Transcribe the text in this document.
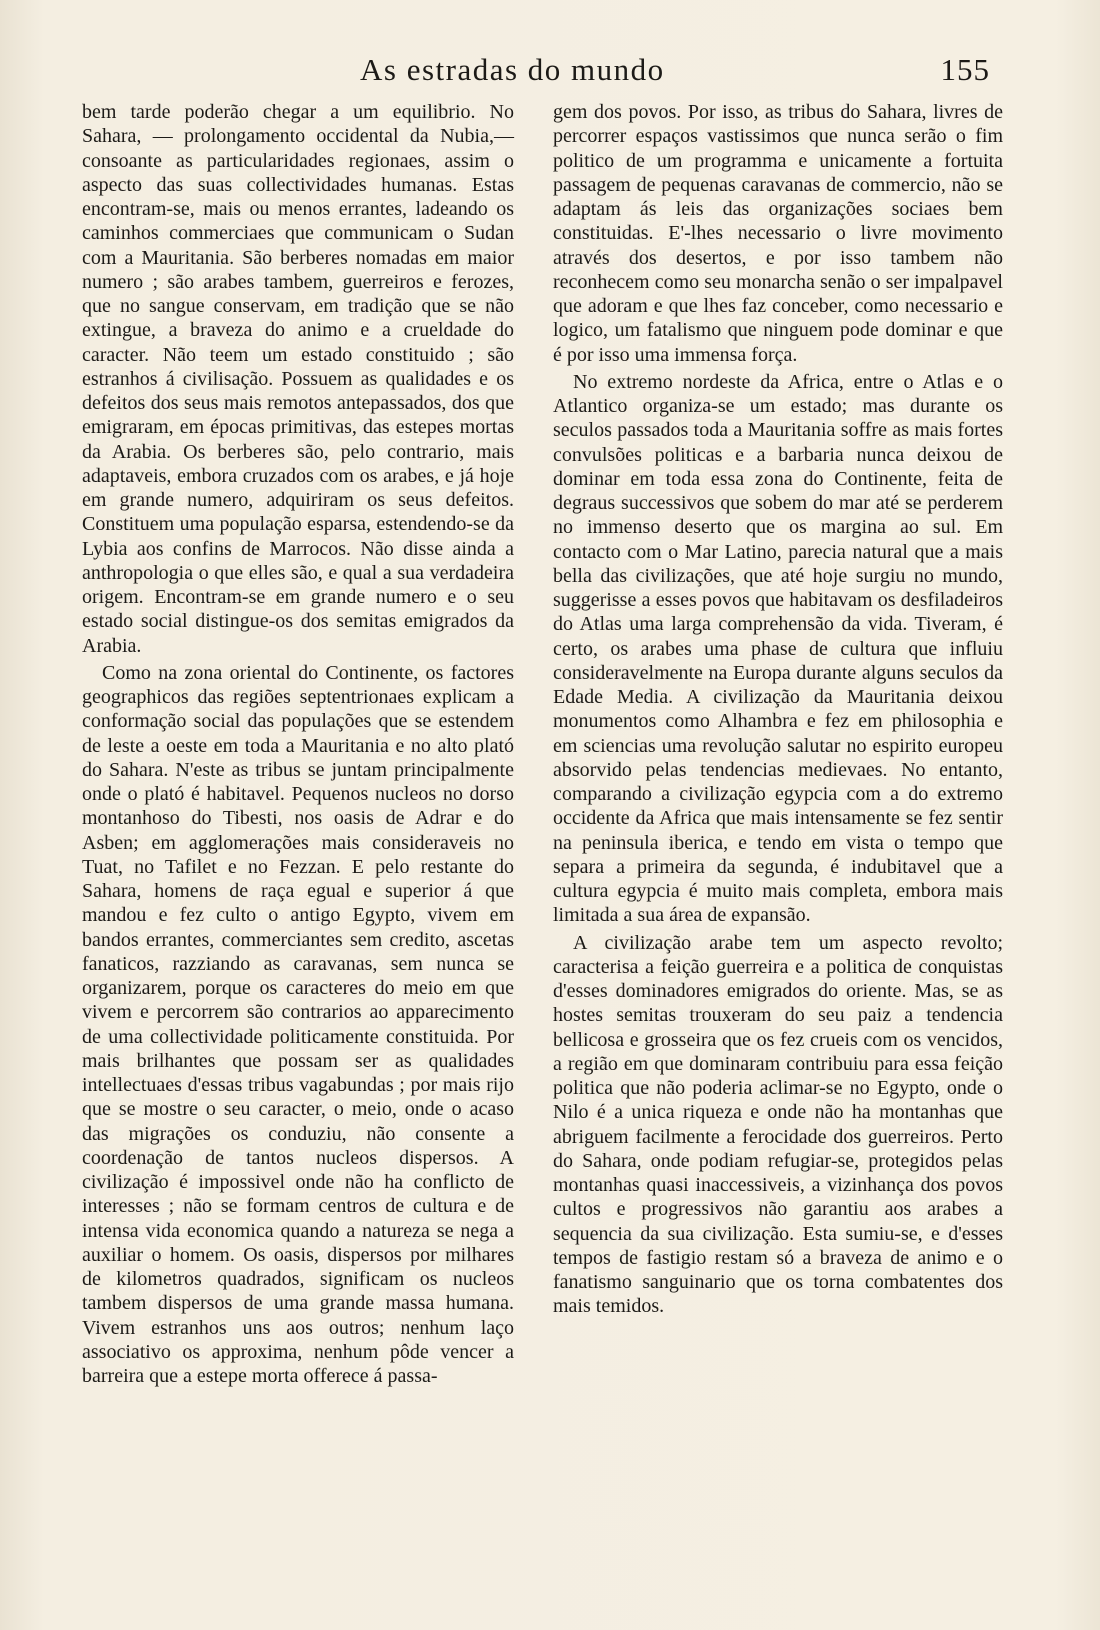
As estradas do mundo	155

bem tarde poderão chegar a um equilibrio. No Sahara, — prolongamento occidental da Nubia,— consoante as particularidades regionaes, assim o aspecto das suas collectividades humanas. Estas encontram-se, mais ou menos errantes, ladeando os caminhos commerciaes que communicam o Sudan com a Mauritania. São berberes nomadas em maior numero ; são arabes tambem, guerreiros e ferozes, que no sangue conservam, em tradição que se não extingue, a braveza do animo e a crueldade do caracter. Não teem um estado constituido ; são estranhos á civilisação. Possuem as qualidades e os defeitos dos seus mais remotos antepassados, dos que emigraram, em épocas primitivas, das estepes mortas da Arabia. Os berberes são, pelo contrario, mais adaptaveis, embora cruzados com os arabes, e já hoje em grande numero, adquiriram os seus defeitos. Constituem uma população esparsa, estendendo-se da Lybia aos confins de Marrocos. Não disse ainda a anthropologia o que elles são, e qual a sua verdadeira origem. Encontram-se em grande numero e o seu estado social distingue-os dos semitas emigrados da Arabia.

Como na zona oriental do Continente, os factores geographicos das regiões septentrionaes explicam a conformação social das populações que se estendem de leste a oeste em toda a Mauritania e no alto plató do Sahara. N'este as tribus se juntam principalmente onde o plató é habitavel. Pequenos nucleos no dorso montanhoso do Tibesti, nos oasis de Adrar e do Asben; em agglomerações mais consideraveis no Tuat, no Tafilet e no Fezzan. E pelo restante do Sahara, homens de raça egual e superior á que mandou e fez culto o antigo Egypto, vivem em bandos errantes, commerciantes sem credito, ascetas fanaticos, razziando as caravanas, sem nunca se organizarem, porque os caracteres do meio em que vivem e percorrem são contrarios ao apparecimento de uma collectividade politicamente constituida. Por mais brilhantes que possam ser as qualidades intellectuaes d'essas tribus vagabundas ; por mais rijo que se mostre o seu caracter, o meio, onde o acaso das migrações os conduziu, não consente a coordenação de tantos nucleos dispersos. A civilização é impossivel onde não ha conflicto de interesses ; não se formam centros de cultura e de intensa vida economica quando a natureza se nega a auxiliar o homem. Os oasis, dispersos por milhares de kilometros quadrados, significam os nucleos tambem dispersos de uma grande massa humana. Vivem estranhos uns aos outros; nenhum laço associativo os approxima, nenhum pôde vencer a barreira que a estepe morta offerece á passa-

gem dos povos. Por isso, as tribus do Sahara, livres de percorrer espaços vastissimos que nunca serão o fim politico de um programma e unicamente a fortuita passagem de pequenas caravanas de commercio, não se adaptam ás leis das organizações sociaes bem constituidas. E'-lhes necessario o livre movimento através dos desertos, e por isso tambem não reconhecem como seu monarcha senão o ser impalpavel que adoram e que lhes faz conceber, como necessario e logico, um fatalismo que ninguem pode dominar e que é por isso uma immensa força.

No extremo nordeste da Africa, entre o Atlas e o Atlantico organiza-se um estado; mas durante os seculos passados toda a Mauritania soffre as mais fortes convulsões politicas e a barbaria nunca deixou de dominar em toda essa zona do Continente, feita de degraus successivos que sobem do mar até se perderem no immenso deserto que os margina ao sul. Em contacto com o Mar Latino, parecia natural que a mais bella das civilizações, que até hoje surgiu no mundo, suggerisse a esses povos que habitavam os desfiladeiros do Atlas uma larga comprehensão da vida. Tiveram, é certo, os arabes uma phase de cultura que influiu consideravelmente na Europa durante alguns seculos da Edade Media. A civilização da Mauritania deixou monumentos como Alhambra e fez em philosophia e em sciencias uma revolução salutar no espirito europeu absorvido pelas tendencias medievaes. No entanto, comparando a civilização egypcia com a do extremo occidente da Africa que mais intensamente se fez sentir na peninsula iberica, e tendo em vista o tempo que separa a primeira da segunda, é indubitavel que a cultura egypcia é muito mais completa, embora mais limitada a sua área de expansão.

A civilização arabe tem um aspecto revolto; caracterisa a feição guerreira e a politica de conquistas d'esses dominadores emigrados do oriente. Mas, se as hostes semitas trouxeram do seu paiz a tendencia bellicosa e grosseira que os fez crueis com os vencidos, a região em que dominaram contribuiu para essa feição politica que não poderia aclimar-se no Egypto, onde o Nilo é a unica riqueza e onde não ha montanhas que abriguem facilmente a ferocidade dos guerreiros. Perto do Sahara, onde podiam refugiar-se, protegidos pelas montanhas quasi inaccessiveis, a vizinhança dos povos cultos e progressivos não garantiu aos arabes a sequencia da sua civilização. Esta sumiu-se, e d'esses tempos de fastigio restam só a braveza de animo e o fanatismo sanguinario que os torna combatentes dos mais temidos.
